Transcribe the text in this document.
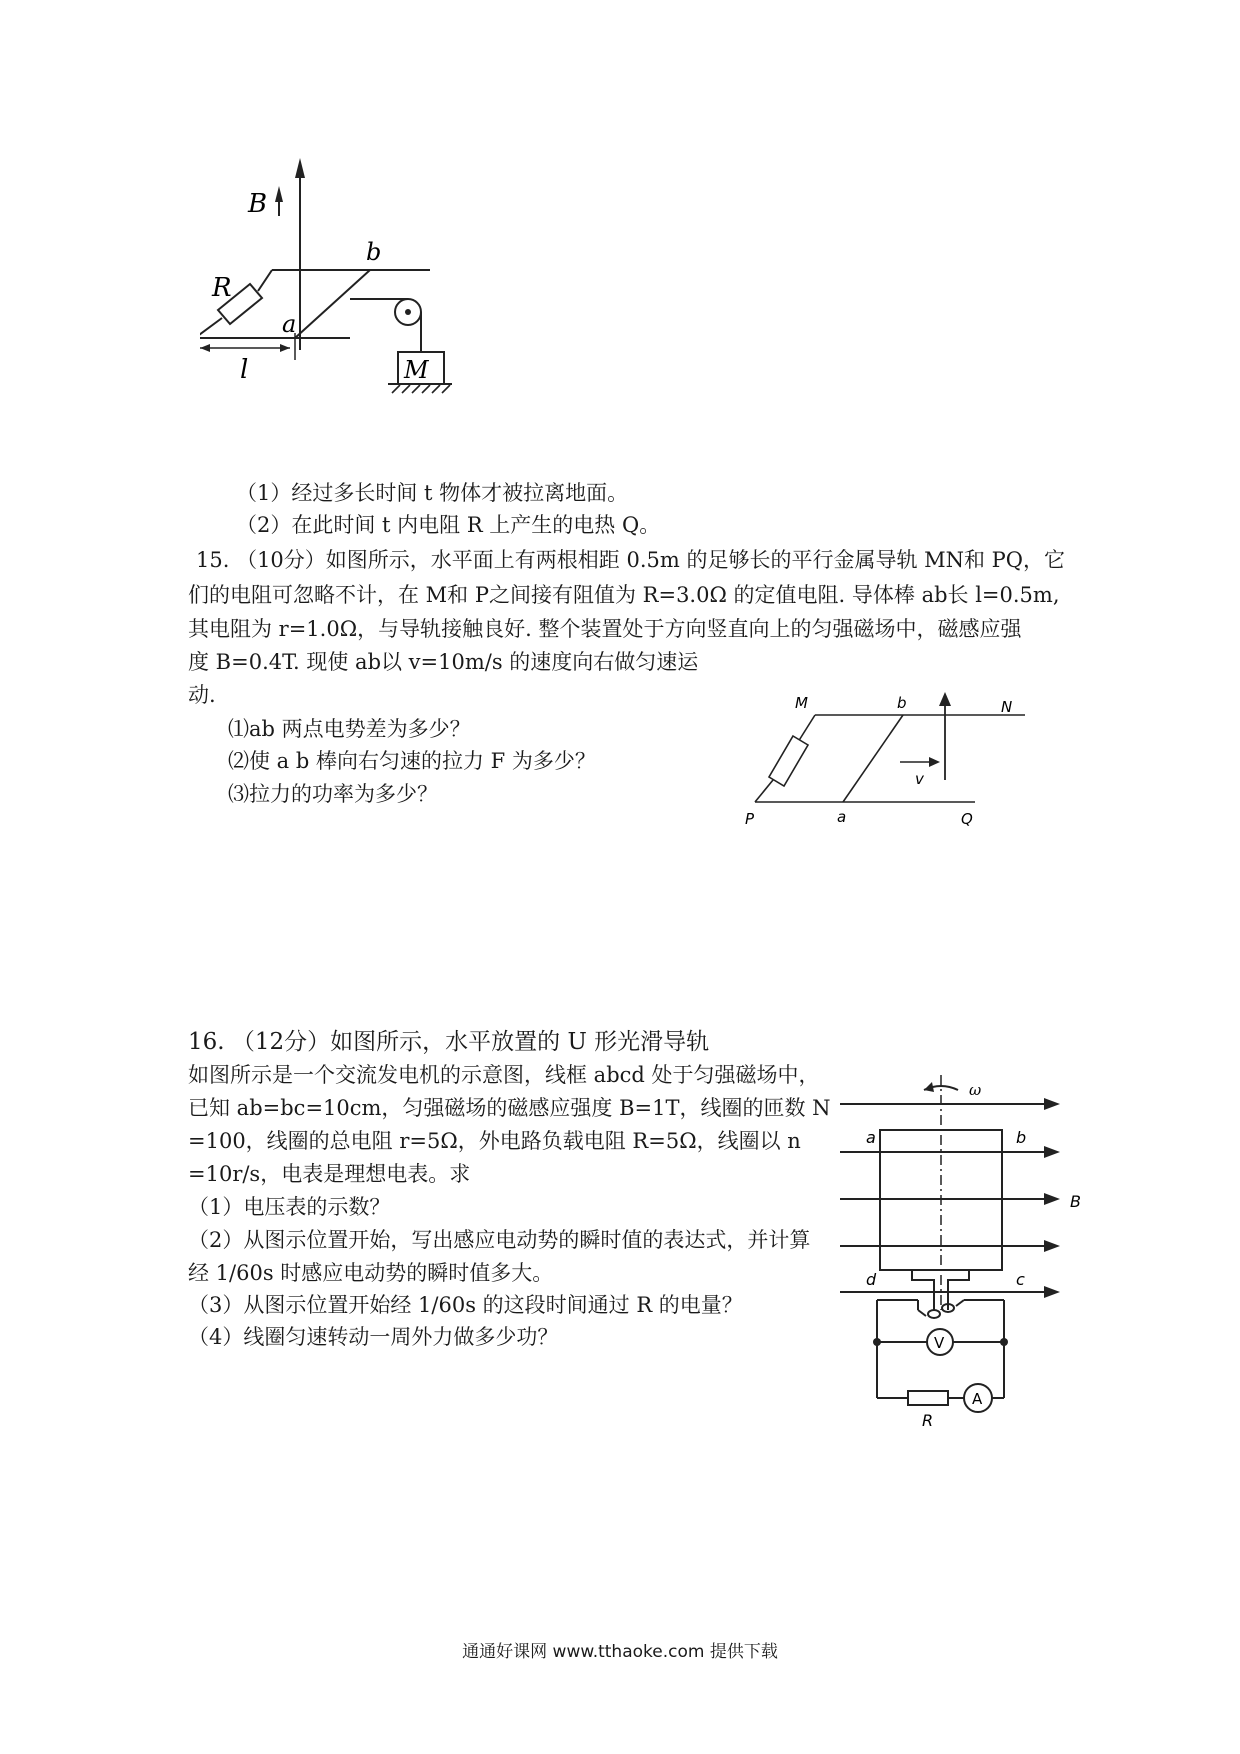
B
b
R
a
l	M
（1）经过多长时间 t 物体才被拉离地面。
（2）在此时间 t 内电阻 R 上产生的电热 Q。
15. （10分）如图所示，水平面上有两根相距 0.5m 的足够长的平行金属导轨 MN和 PQ，它
们的电阻可忽略不计，在 M和 P之间接有阻值为 R=3.0Ω 的定值电阻. 导体棒 ab长 l=0.5m,
其电阻为 r=1.0Ω，与导轨接触良好. 整个装置处于方向竖直向上的匀强磁场中，磁感应强
度 B=0.4T. 现使 ab以 v=10m/s 的速度向右做匀速运
动.
⑴ab 两点电势差为多少？
⑵使 a b 棒向右匀速的拉力 F 为多少？
⑶拉力的功率为多少？
M	b	N
v
P	a	Q
16. （12分）如图所示，水平放置的 U 形光滑导轨
如图所示是一个交流发电机的示意图，线框 abcd 处于匀强磁场中，
已知 ab=bc=10cm，匀强磁场的磁感应强度 B=1T，线圈的匝数 N
=100，线圈的总电阻 r=5Ω，外电路负载电阻 R=5Ω，线圈以 n
=10r/s，电表是理想电表。求
（1）电压表的示数？
（2）从图示位置开始，写出感应电动势的瞬时值的表达式，并计算
经 1/60s 时感应电动势的瞬时值多大。
（3）从图示位置开始经 1/60s 的这段时间通过 R 的电量？
（4）线圈匀速转动一周外力做多少功？
ω
a	b
B
d	c
V
A
R
通通好课网 www.tthaoke.com 提供下载
